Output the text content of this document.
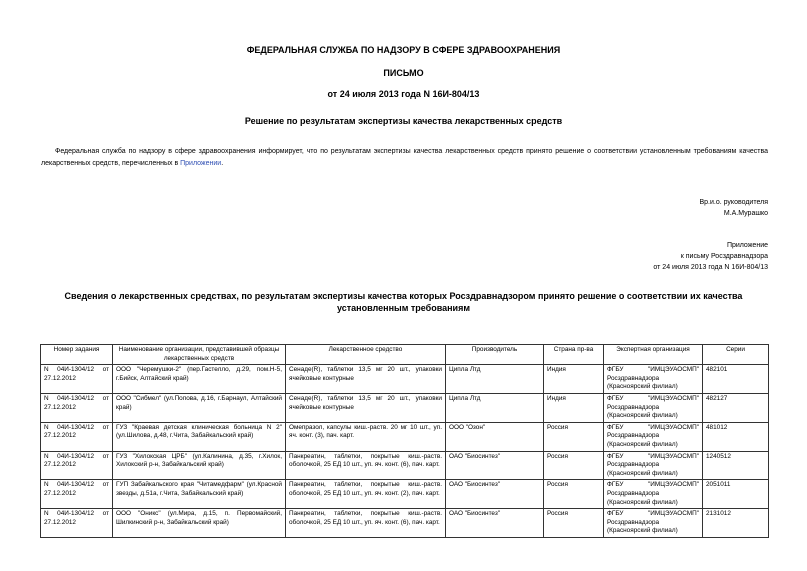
ФЕДЕРАЛЬНАЯ СЛУЖБА ПО НАДЗОРУ В СФЕРЕ ЗДРАВООХРАНЕНИЯ
ПИСЬМО
от 24 июля 2013 года N 16И-804/13
Решение по результатам экспертизы качества лекарственных средств
Федеральная служба по надзору в сфере здравоохранения информирует, что по результатам экспертизы качества лекарственных средств принято решение о соответствии установленным требованиям качества лекарственных средств, перечисленных в Приложении.
Вр.и.о. руководителя
М.А.Мурашко
Приложение
к письму Росздравнадзора
от 24 июля 2013 года N 16И-804/13
Сведения о лекарственных средствах, по результатам экспертизы качества которых Росздравнадзором принято решение о соответствии их качества установленным требованиям
Номер задания	Наименование организации, представившей образцы лекарственных средств	Лекарственное средство	Производитель	Страна пр-ва	Экспертная организация	Серии
N 04И-1304/12 от 27.12.2012	ООО "Черемушки-2" (пер.Гастелло, д.29, пом.Н-5, г.Бийск, Алтайский край)	Сенаде(R), таблетки 13,5 мг 20 шт., упаковки ячейковые контурные	Ципла Лтд	Индия	ФГБУ "ИМЦЭУАОСМП" Росздравнадзора (Красноярский филиал)	482101
N 04И-1304/12 от 27.12.2012	ООО "Сибмел" (ул.Попова, д.16, г.Барнаул, Алтайский край)	Сенаде(R), таблетки 13,5 мг 20 шт., упаковки ячейковые контурные	Ципла Лтд	Индия	ФГБУ "ИМЦЭУАОСМП" Росздравнадзора (Красноярский филиал)	482127
N 04И-1304/12 от 27.12.2012	ГУЗ "Краевая детская клиническая больница N 2" (ул.Шилова, д.48, г.Чита, Забайкальский край)	Омепразол, капсулы киш.-раств. 20 мг 10 шт., уп. яч. конт. (3), пач. карт.	ООО "Озон"	Россия	ФГБУ "ИМЦЭУАОСМП" Росздравнадзора (Красноярский филиал)	481012
N 04И-1304/12 от 27.12.2012	ГУЗ "Хилокская ЦРБ" (ул.Калинина, д.35, г.Хилок, Хилокский р-н, Забайкальский край)	Панкреатин, таблетки, покрытые киш.-раств. оболочкой, 25 ЕД 10 шт., уп. яч. конт. (6), пач. карт.	ОАО "Биосинтез"	Россия	ФГБУ "ИМЦЭУАОСМП" Росздравнадзора (Красноярский филиал)	1240512
N 04И-1304/12 от 27.12.2012	ГУП Забайкальского края "Читамедфарм" (ул.Красной звезды, д.51а, г.Чита, Забайкальский край)	Панкреатин, таблетки, покрытые киш.-раств. оболочкой, 25 ЕД 10 шт., уп. яч. конт. (2), пач. карт.	ОАО "Биосинтез"	Россия	ФГБУ "ИМЦЭУАОСМП" Росздравнадзора (Красноярский филиал)	2051011
N 04И-1304/12 от 27.12.2012	ООО "Оникс" (ул.Мира, д.15, п. Первомайский, Шилкинский р-н, Забайкальский край)	Панкреатин, таблетки, покрытые киш.-раств. оболочкой, 25 ЕД 10 шт., уп. яч. конт. (6), пач. карт.	ОАО "Биосинтез"	Россия	ФГБУ "ИМЦЭУАОСМП" Росздравнадзора (Красноярский филиал)	2131012
